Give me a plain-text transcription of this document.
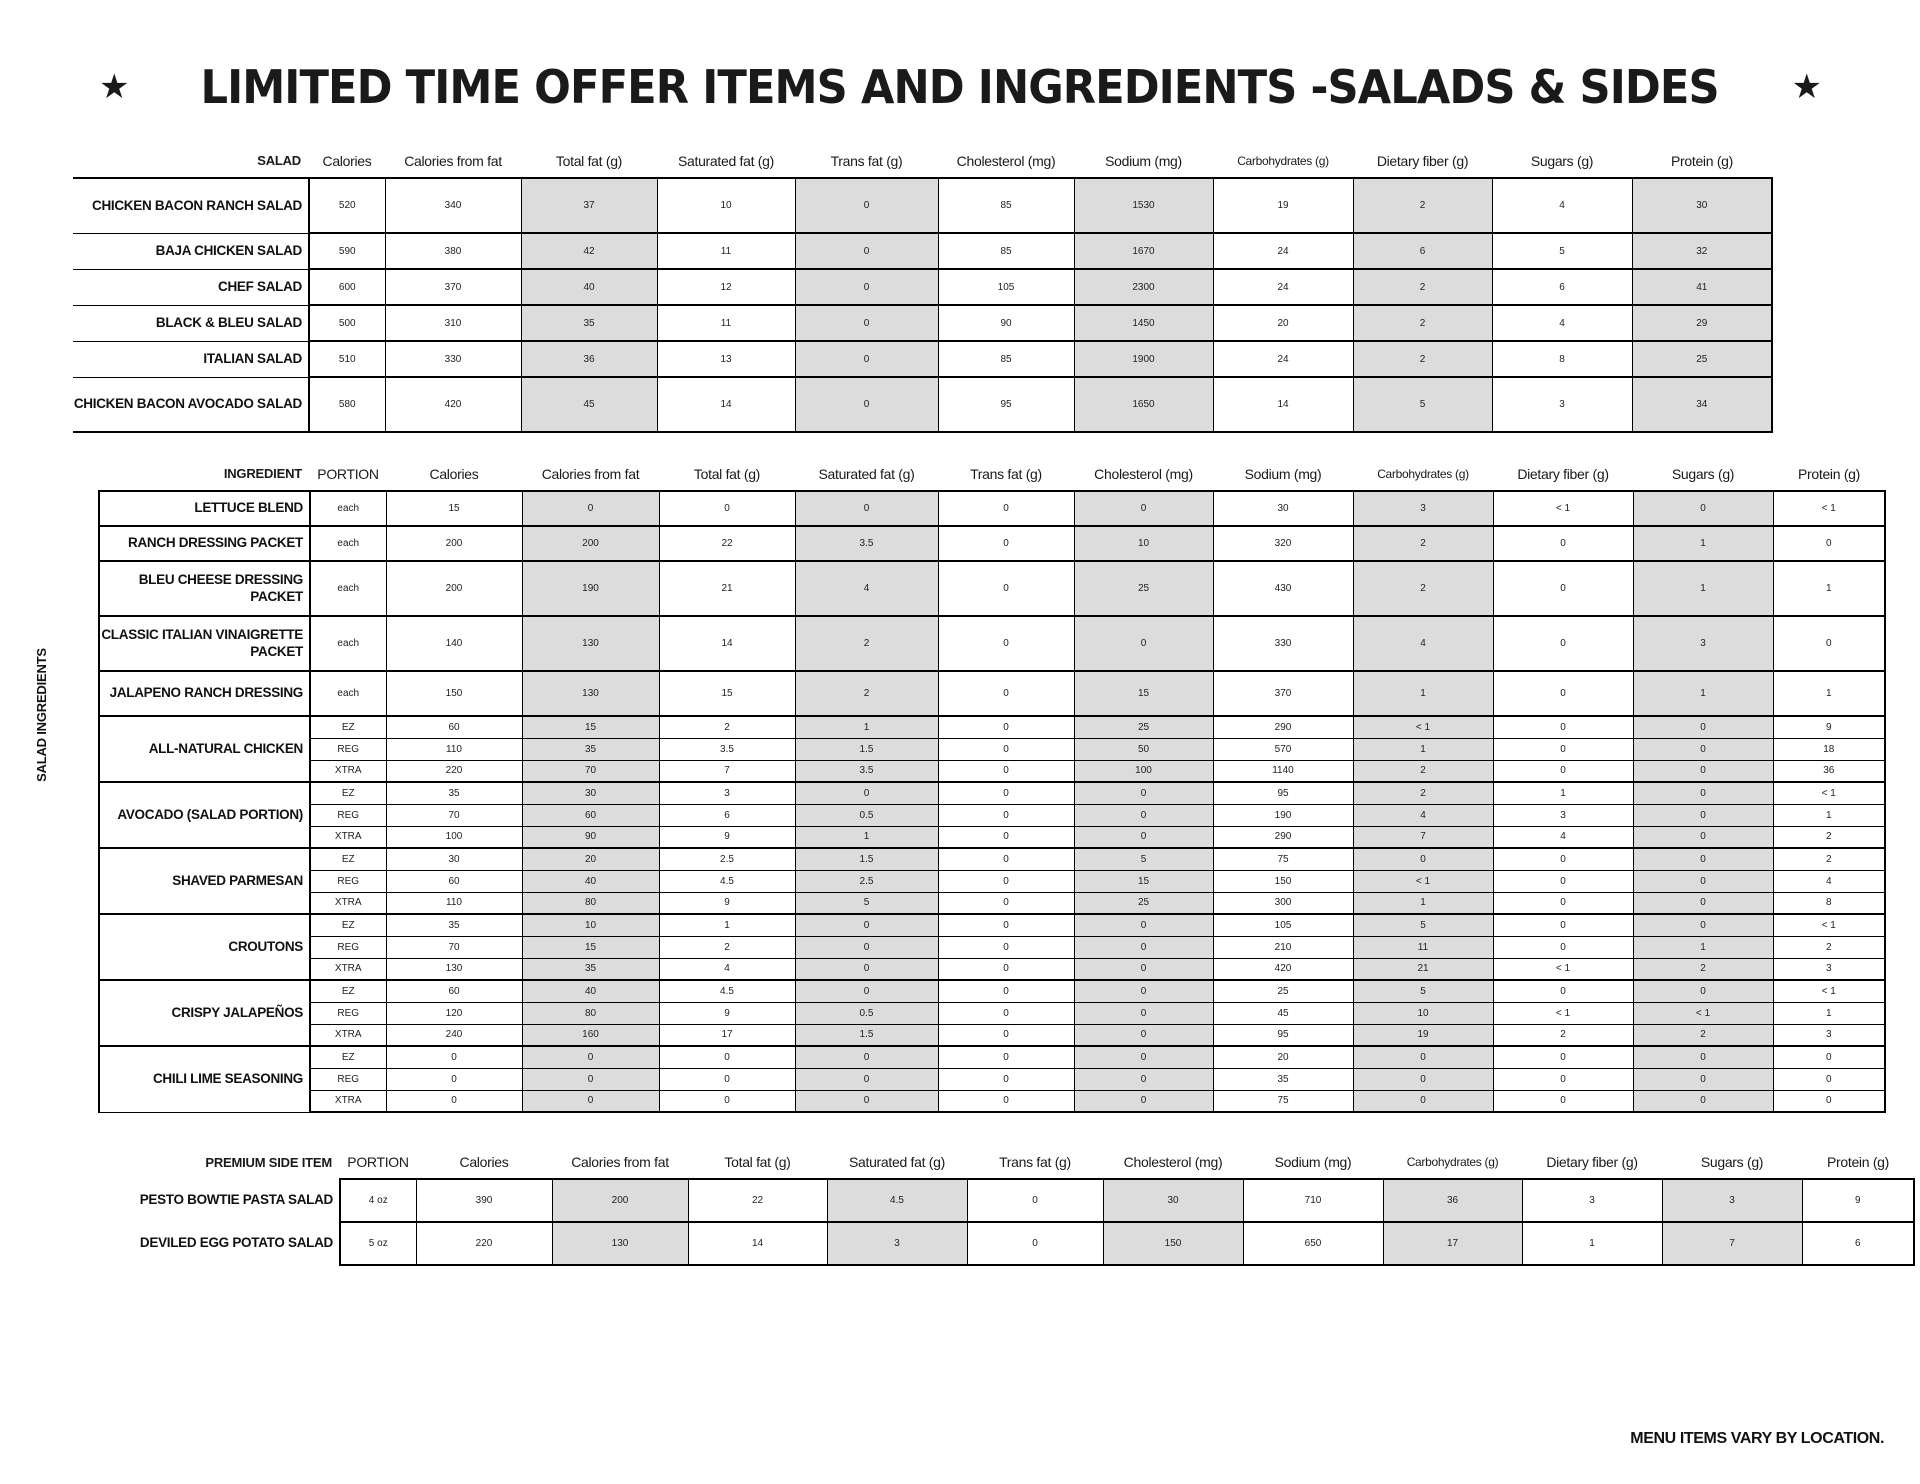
★ LIMITED TIME OFFER ITEMS AND INGREDIENTS -SALADS & SIDES ★
SALAD	Calories	Calories from fat	Total fat (g)	Saturated fat (g)	Trans fat (g)	Cholesterol (mg)	Sodium (mg)	Carbohydrates (g)	Dietary fiber (g)	Sugars (g)	Protein (g)
CHICKEN BACON RANCH SALAD	520	340	37	10	0	85	1530	19	2	4	30
BAJA CHICKEN SALAD	590	380	42	11	0	85	1670	24	6	5	32
CHEF SALAD	600	370	40	12	0	105	2300	24	2	6	41
BLACK & BLEU SALAD	500	310	35	11	0	90	1450	20	2	4	29
ITALIAN SALAD	510	330	36	13	0	85	1900	24	2	8	25
CHICKEN BACON AVOCADO SALAD	580	420	45	14	0	95	1650	14	5	3	34
SALAD INGREDIENTS
INGREDIENT	PORTION	Calories	Calories from fat	Total fat (g)	Saturated fat (g)	Trans fat (g)	Cholesterol (mg)	Sodium (mg)	Carbohydrates (g)	Dietary fiber (g)	Sugars (g)	Protein (g)
LETTUCE BLEND	each	15	0	0	0	0	0	30	3	< 1	0	< 1
RANCH DRESSING PACKET	each	200	200	22	3.5	0	10	320	2	0	1	0
BLEU CHEESE DRESSING PACKET	each	200	190	21	4	0	25	430	2	0	1	1
CLASSIC ITALIAN VINAIGRETTE PACKET	each	140	130	14	2	0	0	330	4	0	3	0
JALAPENO RANCH DRESSING	each	150	130	15	2	0	15	370	1	0	1	1
ALL-NATURAL CHICKEN	EZ	60	15	2	1	0	25	290	< 1	0	0	9
	REG	110	35	3.5	1.5	0	50	570	1	0	0	18
	XTRA	220	70	7	3.5	0	100	1140	2	0	0	36
AVOCADO (SALAD PORTION)	EZ	35	30	3	0	0	0	95	2	1	0	< 1
	REG	70	60	6	0.5	0	0	190	4	3	0	1
	XTRA	100	90	9	1	0	0	290	7	4	0	2
SHAVED PARMESAN	EZ	30	20	2.5	1.5	0	5	75	0	0	0	2
	REG	60	40	4.5	2.5	0	15	150	< 1	0	0	4
	XTRA	110	80	9	5	0	25	300	1	0	0	8
CROUTONS	EZ	35	10	1	0	0	0	105	5	0	0	< 1
	REG	70	15	2	0	0	0	210	11	0	1	2
	XTRA	130	35	4	0	0	0	420	21	< 1	2	3
CRISPY JALAPEÑOS	EZ	60	40	4.5	0	0	0	25	5	0	0	< 1
	REG	120	80	9	0.5	0	0	45	10	< 1	< 1	1
	XTRA	240	160	17	1.5	0	0	95	19	2	2	3
CHILI LIME SEASONING	EZ	0	0	0	0	0	0	20	0	0	0	0
	REG	0	0	0	0	0	0	35	0	0	0	0
	XTRA	0	0	0	0	0	0	75	0	0	0	0
PREMIUM SIDE ITEM	PORTION	Calories	Calories from fat	Total fat (g)	Saturated fat (g)	Trans fat (g)	Cholesterol (mg)	Sodium (mg)	Carbohydrates (g)	Dietary fiber (g)	Sugars (g)	Protein (g)
PESTO BOWTIE PASTA SALAD	4 oz	390	200	22	4.5	0	30	710	36	3	3	9
DEVILED EGG POTATO SALAD	5 oz	220	130	14	3	0	150	650	17	1	7	6
MENU ITEMS VARY BY LOCATION.
